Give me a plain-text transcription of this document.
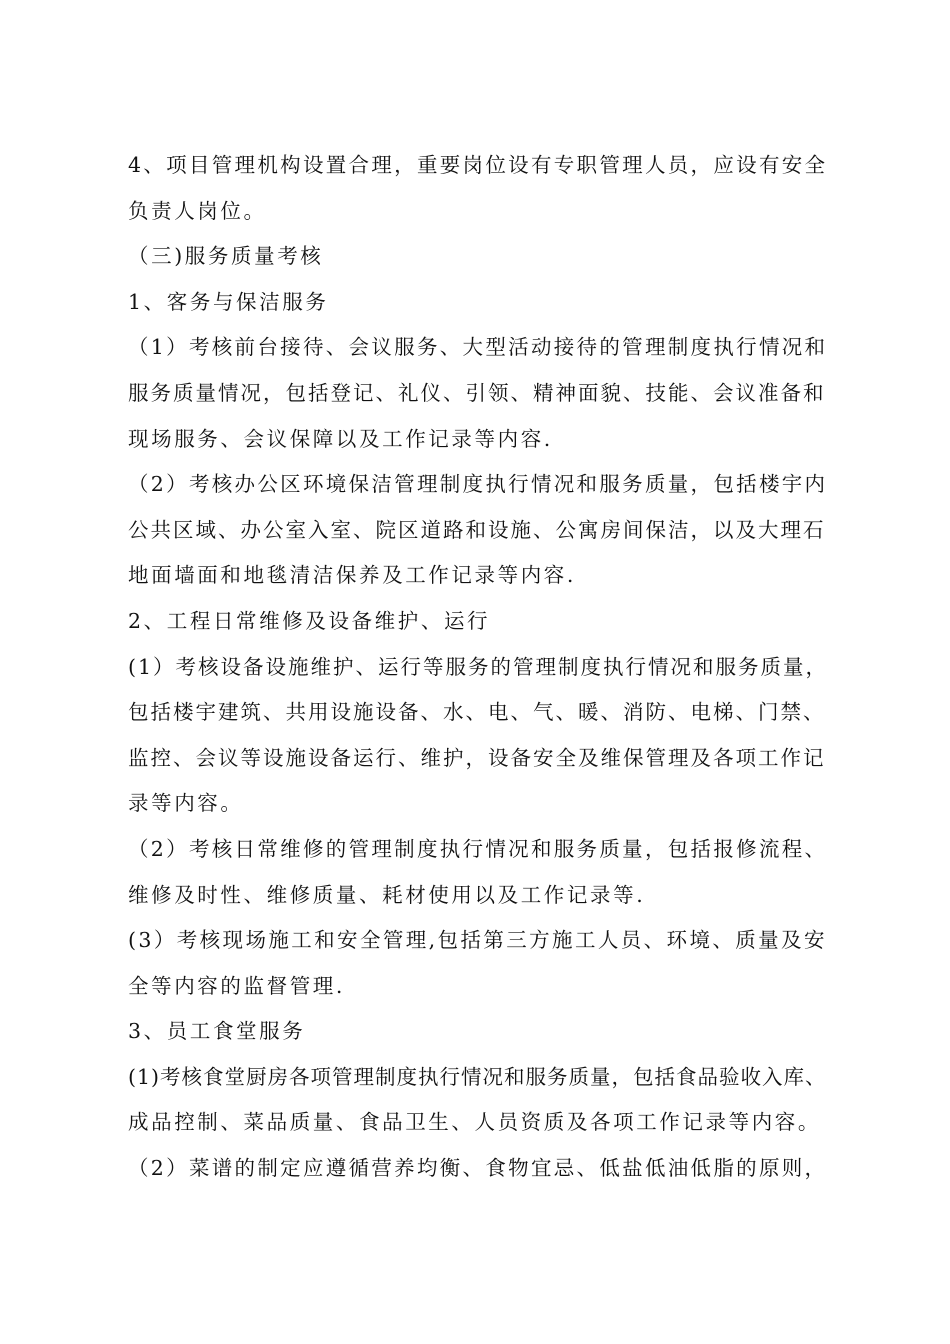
4、项目管理机构设置合理，重要岗位设有专职管理人员，应设有安全
负责人岗位。
（三)服务质量考核
1、客务与保洁服务
（1）考核前台接待、会议服务、大型活动接待的管理制度执行情况和
服务质量情况，包括登记、礼仪、引领、精神面貌、技能、会议准备和
现场服务、会议保障以及工作记录等内容.
（2）考核办公区环境保洁管理制度执行情况和服务质量，包括楼宇内
公共区域、办公室入室、院区道路和设施、公寓房间保洁，以及大理石
地面墙面和地毯清洁保养及工作记录等内容.
2、工程日常维修及设备维护、运行
(1）考核设备设施维护、运行等服务的管理制度执行情况和服务质量，
包括楼宇建筑、共用设施设备、水、电、气、暖、消防、电梯、门禁、
监控、会议等设施设备运行、维护，设备安全及维保管理及各项工作记
录等内容。
（2）考核日常维修的管理制度执行情况和服务质量，包括报修流程、
维修及时性、维修质量、耗材使用以及工作记录等.
(3）考核现场施工和安全管理,包括第三方施工人员、环境、质量及安
全等内容的监督管理.
3、员工食堂服务
(1)考核食堂厨房各项管理制度执行情况和服务质量，包括食品验收入库、
成品控制、菜品质量、食品卫生、人员资质及各项工作记录等内容。
（2）菜谱的制定应遵循营养均衡、食物宜忌、低盐低油低脂的原则，
